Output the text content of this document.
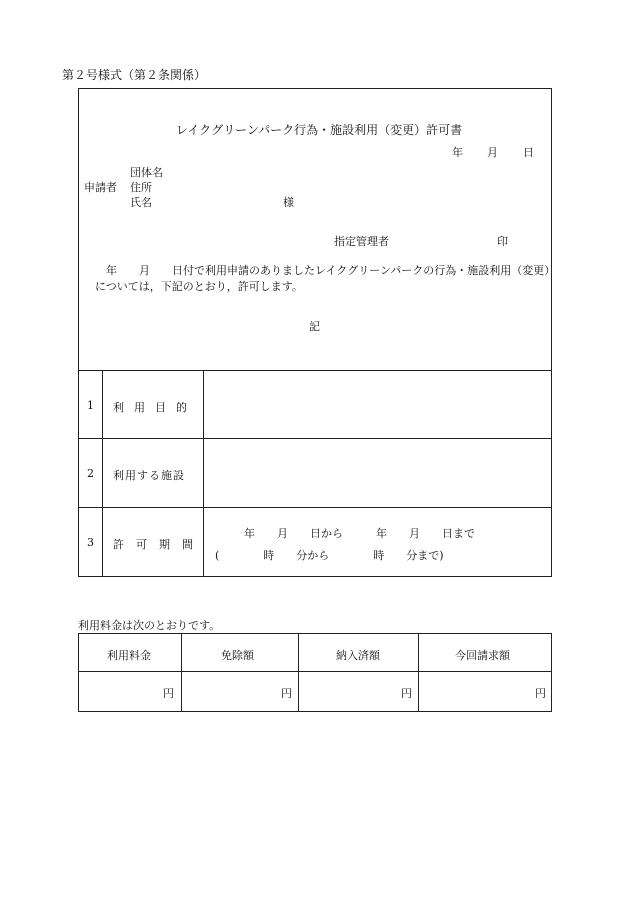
第２号様式（第２条関係）
レイクグリーンパーク行為・施設利用（変更）許可書
年 月 日
団体名
申請者 住所
氏名	様
指定管理者	印
年　　月　　日付で利用申請のありましたレイクグリーンパークの行為・施設利用（変更）
については，下記のとおり，許可します。
記
1 利用目的
2 利用する施設
3 許可期間
年　　月　　日から　　　年　　月　　日まで
(　　　　時　　分から　　　　時　　分まで)
利用料金は次のとおりです。
利用料金	免除額	納入済額	今回請求額
円	円	円	円
